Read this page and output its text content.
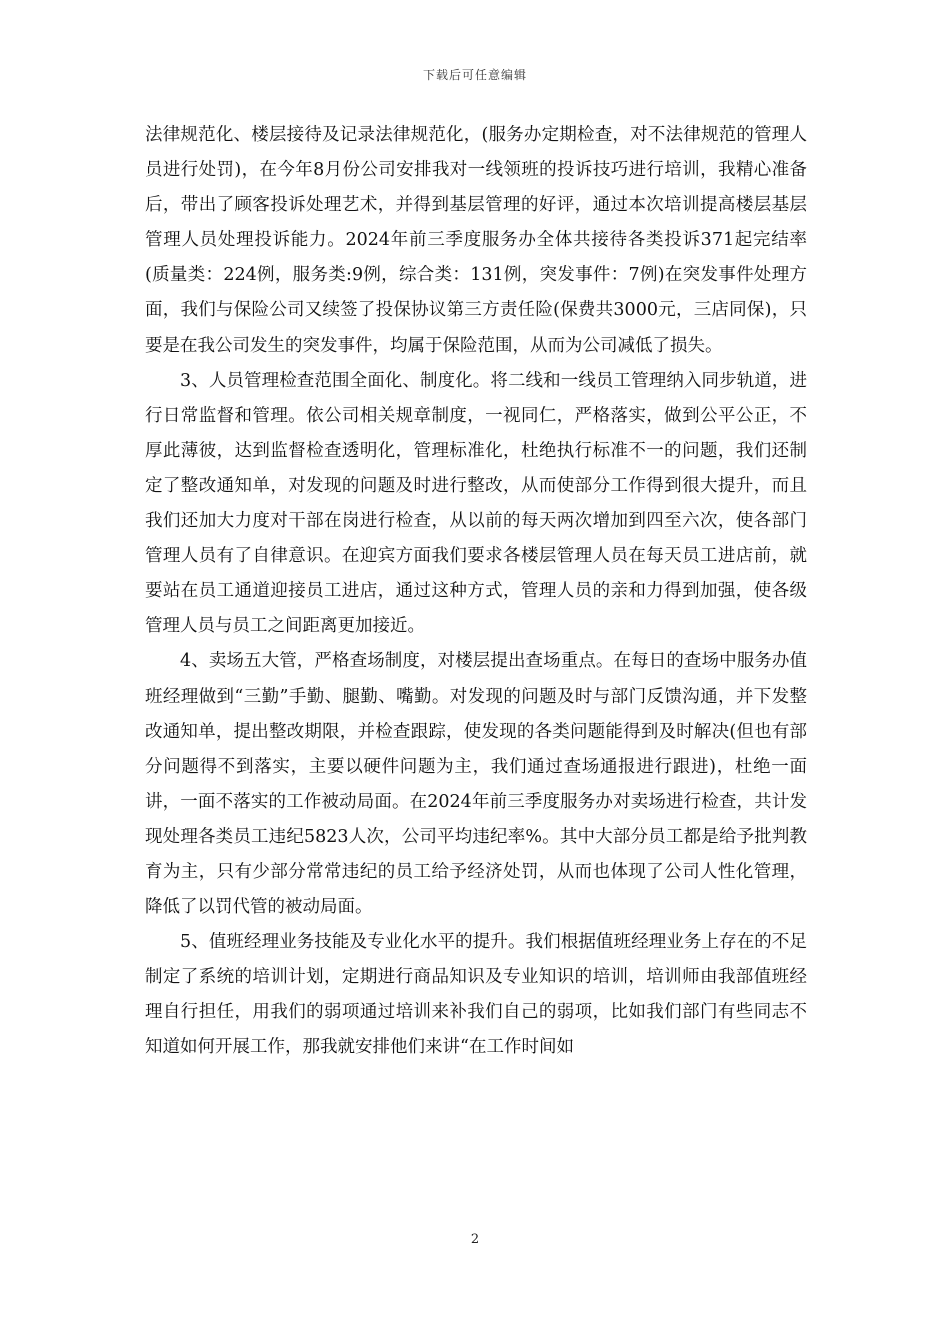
下载后可任意编辑

法律规范化、楼层接待及记录法律规范化，(服务办定期检查，对不法律规范的管理人员进行处罚)，在今年8月份公司安排我对一线领班的投诉技巧进行培训，我精心准备后，带出了顾客投诉处理艺术，并得到基层管理的好评，通过本次培训提高楼层基层管理人员处理投诉能力。2024年前三季度服务办全体共接待各类投诉371起完结率(质量类：224例，服务类:9例，综合类：131例，突发事件：7例)在突发事件处理方面，我们与保险公司又续签了投保协议第三方责任险(保费共3000元，三店同保)，只要是在我公司发生的突发事件，均属于保险范围，从而为公司减低了损失。

3、人员管理检查范围全面化、制度化。将二线和一线员工管理纳入同步轨道，进行日常监督和管理。依公司相关规章制度，一视同仁，严格落实，做到公平公正，不厚此薄彼，达到监督检查透明化，管理标准化，杜绝执行标准不一的问题，我们还制定了整改通知单，对发现的问题及时进行整改，从而使部分工作得到很大提升，而且我们还加大力度对干部在岗进行检查，从以前的每天两次增加到四至六次，使各部门管理人员有了自律意识。在迎宾方面我们要求各楼层管理人员在每天员工进店前，就要站在员工通道迎接员工进店，通过这种方式，管理人员的亲和力得到加强，使各级管理人员与员工之间距离更加接近。

4、卖场五大管，严格查场制度，对楼层提出查场重点。在每日的查场中服务办值班经理做到“三勤”手勤、腿勤、嘴勤。对发现的问题及时与部门反馈沟通，并下发整改通知单，提出整改期限，并检查跟踪，使发现的各类问题能得到及时解决(但也有部分问题得不到落实，主要以硬件问题为主，我们通过查场通报进行跟进)，杜绝一面讲，一面不落实的工作被动局面。在2024年前三季度服务办对卖场进行检查，共计发现处理各类员工违纪5823人次，公司平均违纪率%。其中大部分员工都是给予批判教育为主，只有少部分常常违纪的员工给予经济处罚，从而也体现了公司人性化管理，降低了以罚代管的被动局面。

5、值班经理业务技能及专业化水平的提升。我们根据值班经理业务上存在的不足制定了系统的培训计划，定期进行商品知识及专业知识的培训，培训师由我部值班经理自行担任，用我们的弱项通过培训来补我们自己的弱项，比如我们部门有些同志不知道如何开展工作，那我就安排他们来讲“在工作时间如

2
